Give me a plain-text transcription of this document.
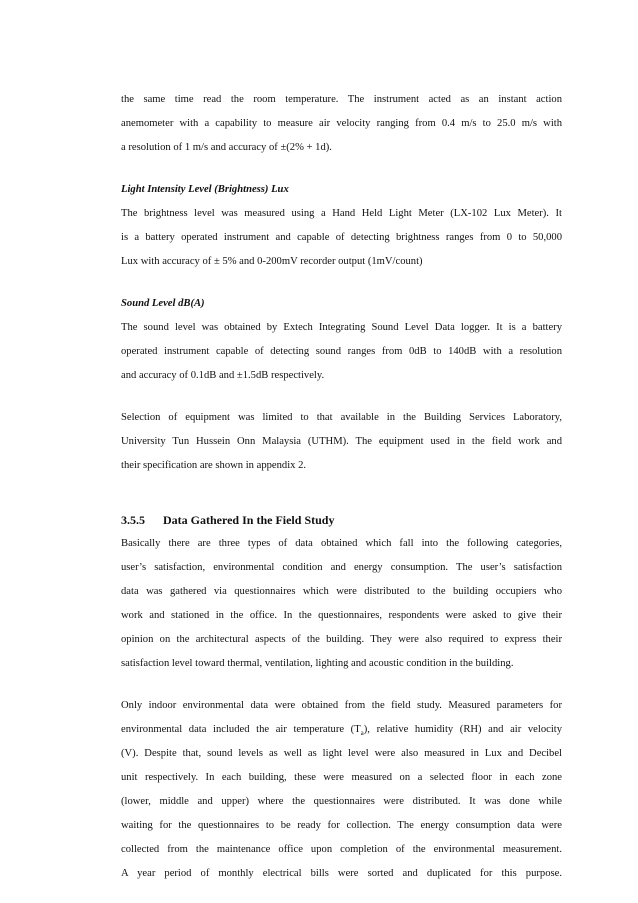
the same time read the room temperature. The instrument acted as an instant action

anemometer with a capability to measure air velocity ranging from 0.4 m/s to 25.0 m/s with

a resolution of 1 m/s and accuracy of ±(2% + 1d).

Light Intensity Level (Brightness) Lux

The brightness level was measured using a Hand Held Light Meter (LX-102 Lux Meter). It

is a battery operated instrument and capable of detecting brightness ranges from 0 to 50,000

Lux with accuracy of ± 5% and 0-200mV recorder output (1mV/count)

Sound Level dB(A)

The sound level was obtained by Extech Integrating Sound Level Data logger. It is a battery

operated instrument capable of detecting sound ranges from 0dB to 140dB with a resolution

and accuracy of 0.1dB and ±1.5dB respectively.

Selection of equipment was limited to that available in the Building Services Laboratory,

University Tun Hussein Onn Malaysia (UTHM). The equipment used in the field work and

their specification are shown in appendix 2.

3.5.5	Data Gathered In the Field Study

Basically there are three types of data obtained which fall into the following categories,

user’s satisfaction, environmental condition and energy consumption. The user’s satisfaction

data was gathered via questionnaires which were distributed to the building occupiers who

work and stationed in the office. In the questionnaires, respondents were asked to give their

opinion on the architectural aspects of the building. They were also required to express their

satisfaction level toward thermal, ventilation, lighting and acoustic condition in the building.

Only indoor environmental data were obtained from the field study. Measured parameters for

environmental data included the air temperature $(T_a)$, relative humidity (RH) and air velocity

(V). Despite that, sound levels as well as light level were also measured in Lux and Decibel

unit respectively. In each building, these were measured on a selected floor in each zone

(lower, middle and upper) where the questionnaires were distributed. It was done while

waiting for the questionnaires to be ready for collection. The energy consumption data were

collected from the maintenance office upon completion of the environmental measurement.

A year period of monthly electrical bills were sorted and duplicated for this purpose.
